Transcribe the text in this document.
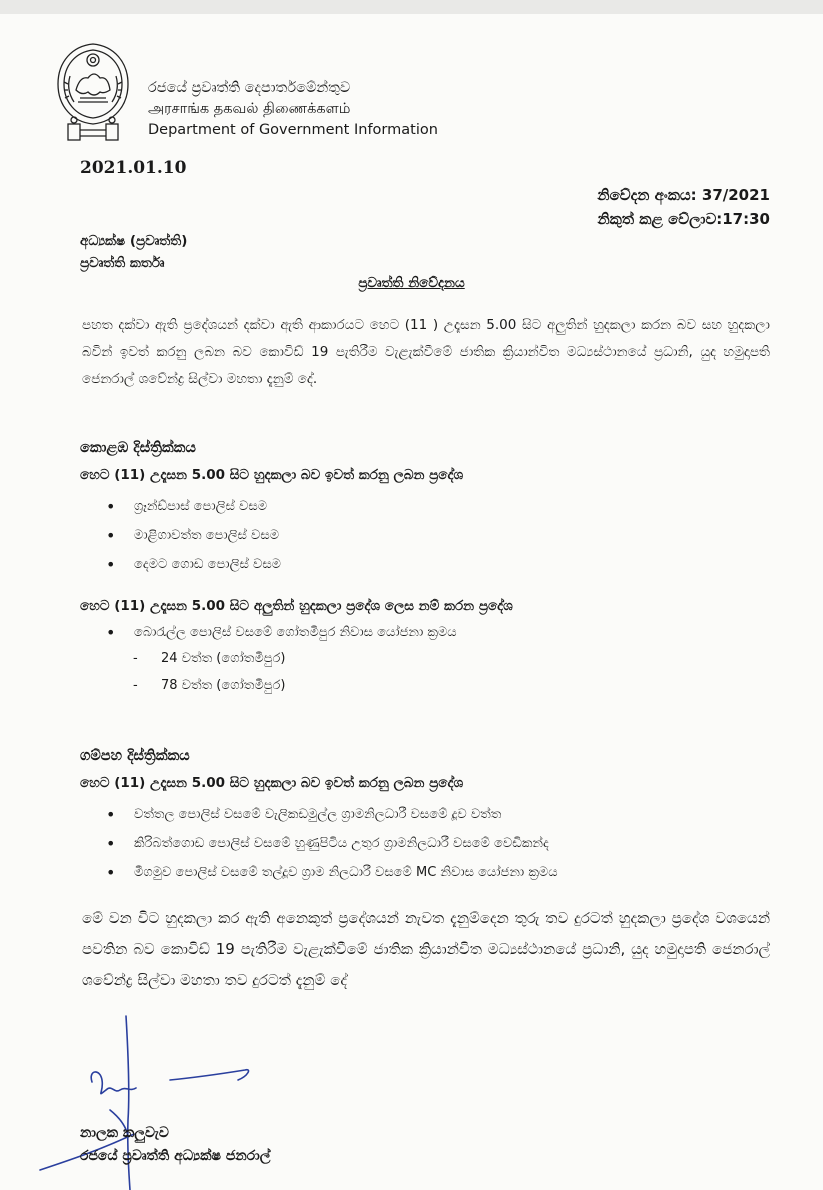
රජයේ ප්‍රවෘත්ති දෙපාර්තමේන්තුව
அரசாங்க தகவல் திணைக்களம்
Department of Government Information
2021.01.10
නිවේදන අංකය: 37/2021
නිකුත් කළ වේලාව:17:30
අධ්‍යක්ෂ (ප්‍රවෘත්ති)
ප්‍රවෘත්ති කර්තෘ
ප්‍රවෘත්ති නිවේදනය
පහත දක්වා ඇති ප්‍රදේශයන් දක්වා ඇති ආකාරයට හෙට (11 ) උදෑසන 5.00 සිට අලුතින් හුදකලා කරන බව සහ හුදකලා බවින් ඉවත් කරනු ලබන බව කොවිඩ් 19 පැතිරීම වැළැක්වීමේ ජාතික ක්‍රියාන්විත මධ්‍යස්ථානයේ ප්‍රධානි, යුද හමුදාපති ජෙනරාල් ශවේන්ද්‍ර සිල්වා මහතා දැනුම් දේ.
කොළඹ දිස්ත්‍රික්කය
හෙට (11) උදෑසන 5.00 සිට හුදකලා බව ඉවත් කරනු ලබන ප්‍රදේශ
• ග්‍රෑන්ඩ්පාස් පොලිස් වසම
• මාළිගාවත්ත පොලිස් වසම
• දෙමට ගොඩ පොලිස් වසම
හෙට (11) උදෑසන 5.00 සිට අලුතින් හුදකලා ප්‍රදේශ ලෙස නම් කරන ප්‍රදේශ
• බොරැල්ල පොලිස් වසමේ ගෝතමීපුර නිවාස යෝජනා ක්‍රමය
- 24 වත්ත (ගෝතමීපුර)
- 78 වත්ත (ගෝතමීපුර)
ගම්පහ දිස්ත්‍රික්කය
හෙට (11) උදෑසන 5.00 සිට හුදකලා බව ඉවත් කරනු ලබන ප්‍රදේශ
• වත්තල පොලිස් වසමේ වැලිකඩමුල්ල ග්‍රාමනිලධාරී වසමේ දූව වත්ත
• කිරිබත්ගොඩ පොලිස් වසමේ හුණුපිටිය උතුර ග්‍රාමනිලධාරී වසමේ වෙඩිකන්ද
• මීගමුව පොලිස් වසමේ තල්දූව ග්‍රාම නිලධාරී වසමේ MC නිවාස යෝජනා ක්‍රමය
මේ වන විට හුදකලා කර ඇති අනෙකුත් ප්‍රදේශයන් නැවත දැනුම්දෙන තුරු තව දුරටත් හුදකලා ප්‍රදේශ වශයෙන් පවතින බව කොවිඩ් 19 පැතිරීම වැළැක්වීමේ ජාතික ක්‍රියාන්විත මධ්‍යස්ථානයේ ප්‍රධානි, යුද හමුදාපති ජෙනරාල් ශවේන්ද්‍ර සිල්වා මහතා තව දුරටත් දැනුම් දේ
නාලක කලුවැව
රජයේ ප්‍රවෘත්ති අධ්‍යක්ෂ ජනරාල්
